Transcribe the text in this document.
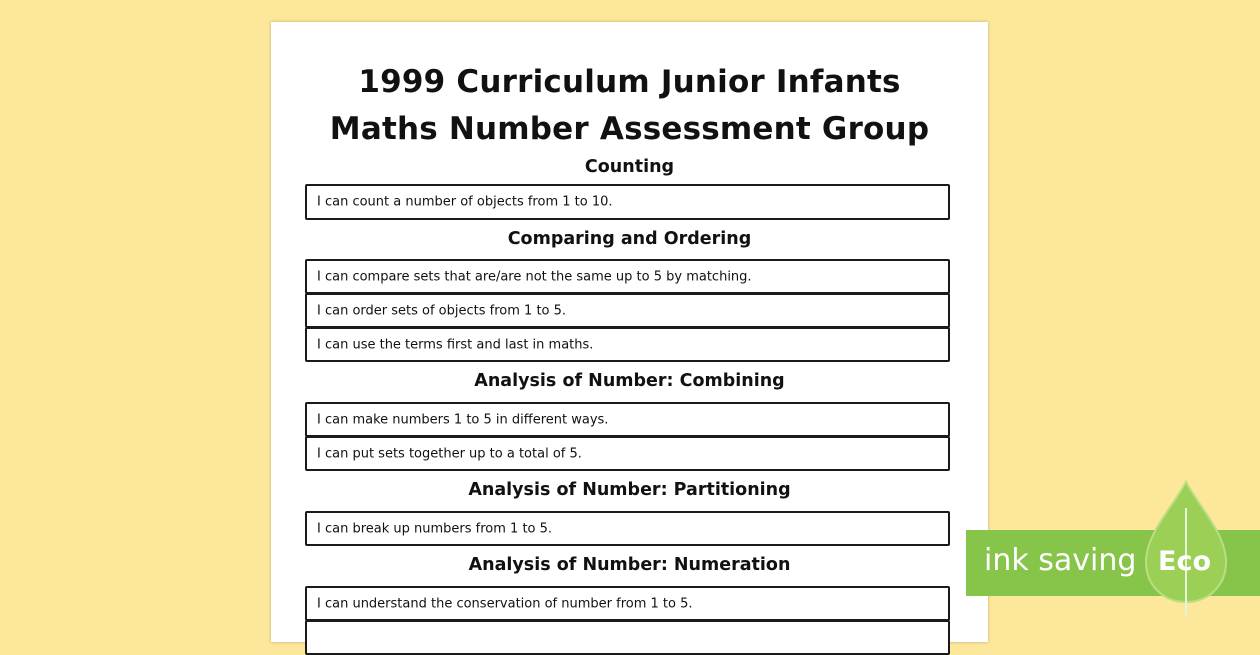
1999 Curriculum Junior Infants
Maths Number Assessment Group
Counting
I can count a number of objects from 1 to 10.
Comparing and Ordering
I can compare sets that are/are not the same up to 5 by matching.
I can order sets of objects from 1 to 5.
I can use the terms first and last in maths.
Analysis of Number: Combining
I can make numbers 1 to 5 in different ways.
I can put sets together up to a total of 5.
Analysis of Number: Partitioning
I can break up numbers from 1 to 5.
Analysis of Number: Numeration
I can understand the conservation of number from 1 to 5.
ink saving Eco
